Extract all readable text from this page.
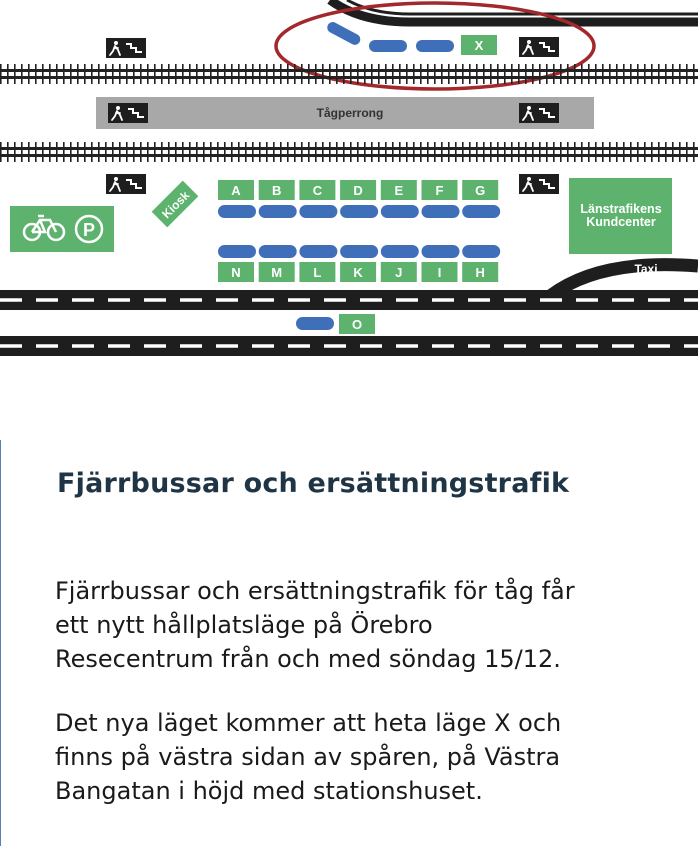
X
Tågperrong
P
Kiosk	A B C D E F G
N M L K J	I	H
Länstrafikens
Kundcenter
Taxi
O
Fjärrbussar och ersättningstrafik

Fjärrbussar och ersättningstrafik för tåg får
ett nytt hållplatsläge på Örebro
Resecentrum från och med söndag 15/12.

Det nya läget kommer att heta läge X och
finns på västra sidan av spåren, på Västra
Bangatan i höjd med stationshuset.
